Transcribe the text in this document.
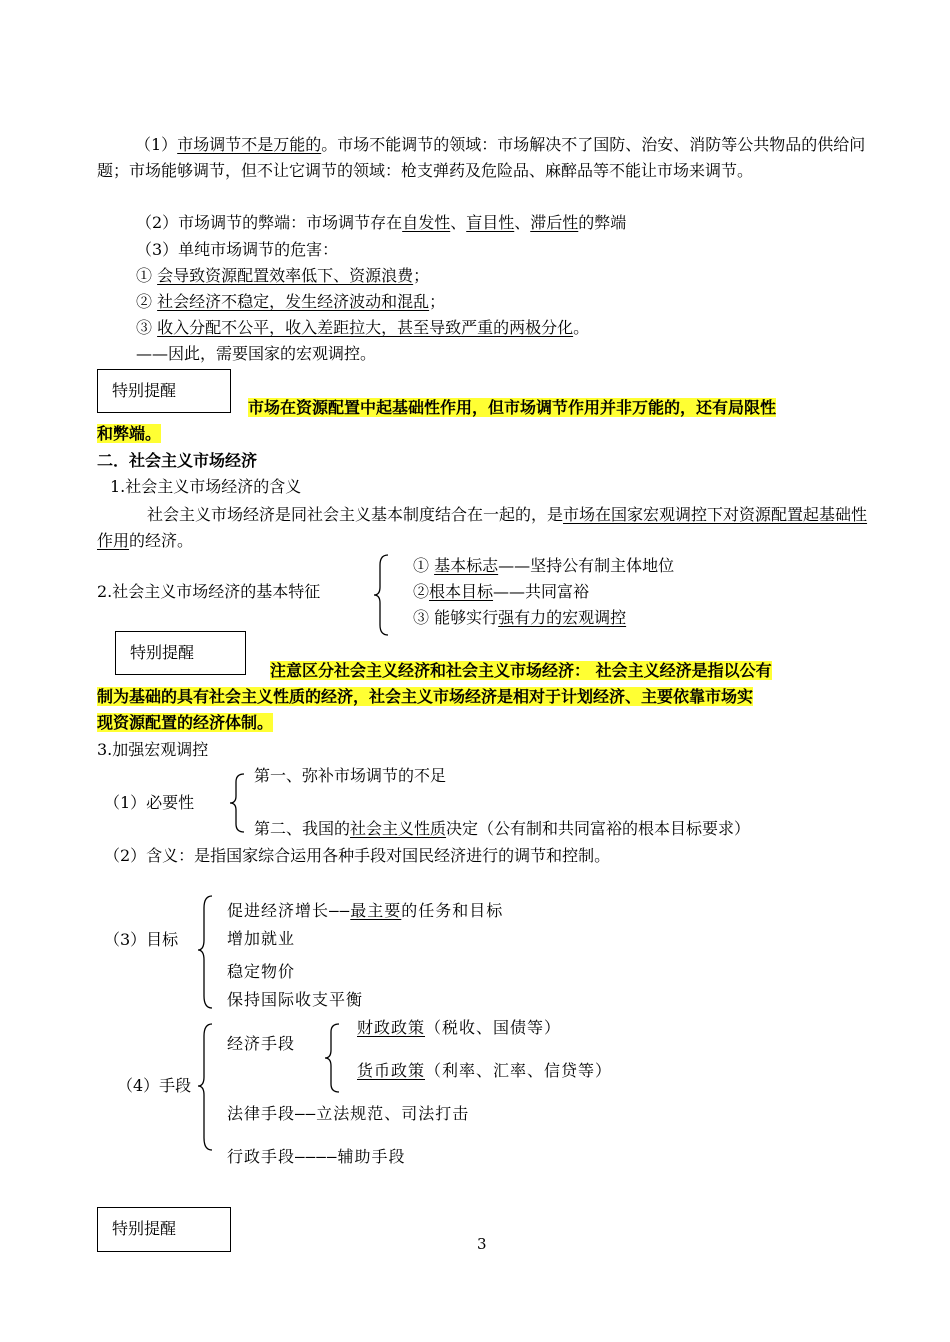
（1）市场调节不是万能的。市场不能调节的领域：市场解决不了国防、治安、消防等公共物品的供给问题；市场能够调节，但不让它调节的领域：枪支弹药及危险品、麻醉品等不能让市场来调节。
（2）市场调节的弊端：市场调节存在自发性、盲目性、滞后性的弊端
（3）单纯市场调节的危害：
① 会导致资源配置效率低下、资源浪费；
② 社会经济不稳定，发生经济波动和混乱；
③ 收入分配不公平，收入差距拉大，甚至导致严重的两极分化。
——因此，需要国家的宏观调控。
特别提醒
市场在资源配置中起基础性作用，但市场调节作用并非万能的，还有局限性
和弊端。
二．社会主义市场经济
1.社会主义市场经济的含义
社会主义市场经济是同社会主义基本制度结合在一起的，是市场在国家宏观调控下对资源配置起基础性作用的经济。
2.社会主义市场经济的基本特征
① 基本标志——坚持公有制主体地位
②根本目标——共同富裕
③ 能够实行强有力的宏观调控
特别提醒
注意区分社会主义经济和社会主义市场经济： 社会主义经济是指以公有
制为基础的具有社会主义性质的经济，社会主义市场经济是相对于计划经济、主要依靠市场实
现资源配置的经济体制。
3.加强宏观调控
（1）必要性
第一、弥补市场调节的不足
第二、我国的社会主义性质决定（公有制和共同富裕的根本目标要求）
（2）含义：是指国家综合运用各种手段对国民经济进行的调节和控制。
（3）目标
促进经济增长——最主要的任务和目标
增加就业
稳定物价
保持国际收支平衡
（4）手段
经济手段
财政政策（税收、国债等）
货币政策（利率、汇率、信贷等）
法律手段——立法规范、司法打击
行政手段————辅助手段
特别提醒
3
